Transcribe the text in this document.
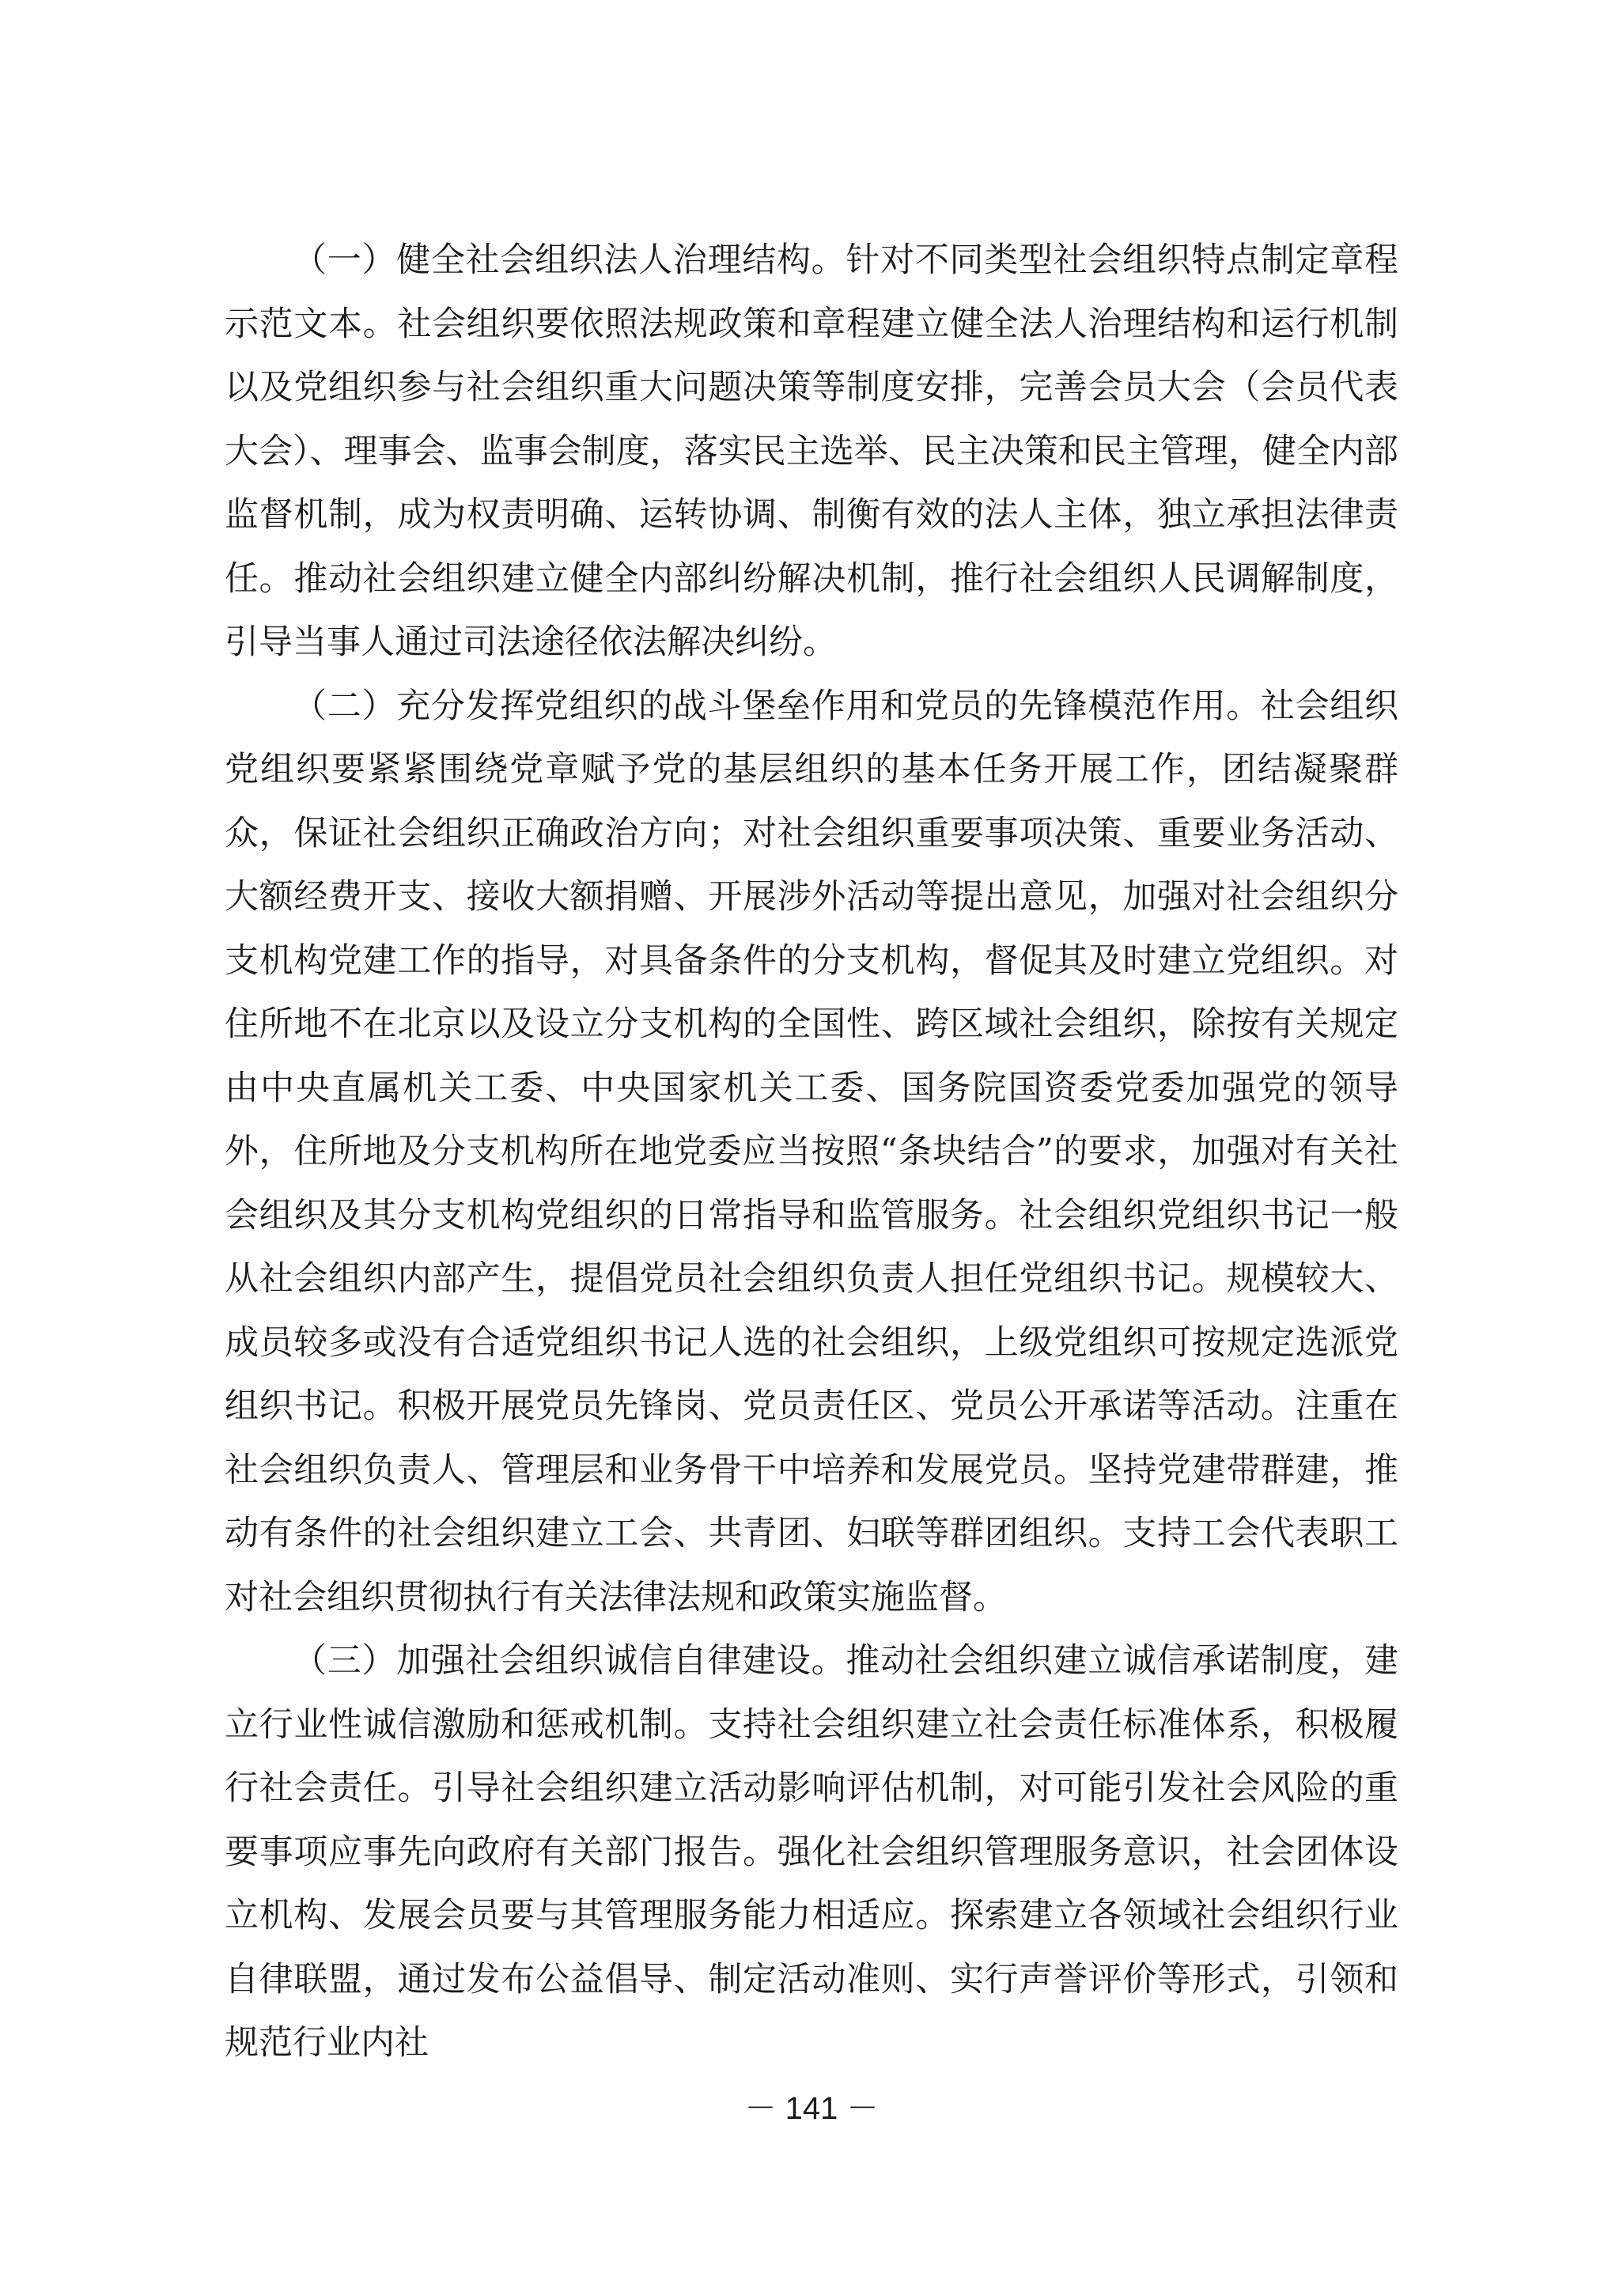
（一）健全社会组织法人治理结构。针对不同类型社会组织特点制定章程示范文本。社会组织要依照法规政策和章程建立健全法人治理结构和运行机制以及党组织参与社会组织重大问题决策等制度安排，完善会员大会（会员代表大会）、理事会、监事会制度，落实民主选举、民主决策和民主管理，健全内部监督机制，成为权责明确、运转协调、制衡有效的法人主体，独立承担法律责任。推动社会组织建立健全内部纠纷解决机制，推行社会组织人民调解制度，引导当事人通过司法途径依法解决纠纷。

（二）充分发挥党组织的战斗堡垒作用和党员的先锋模范作用。社会组织党组织要紧紧围绕党章赋予党的基层组织的基本任务开展工作，团结凝聚群众，保证社会组织正确政治方向；对社会组织重要事项决策、重要业务活动、大额经费开支、接收大额捐赠、开展涉外活动等提出意见，加强对社会组织分支机构党建工作的指导，对具备条件的分支机构，督促其及时建立党组织。对住所地不在北京以及设立分支机构的全国性、跨区域社会组织，除按有关规定由中央直属机关工委、中央国家机关工委、国务院国资委党委加强党的领导外，住所地及分支机构所在地党委应当按照“条块结合”的要求，加强对有关社会组织及其分支机构党组织的日常指导和监管服务。社会组织党组织书记一般从社会组织内部产生，提倡党员社会组织负责人担任党组织书记。规模较大、成员较多或没有合适党组织书记人选的社会组织，上级党组织可按规定选派党组织书记。积极开展党员先锋岗、党员责任区、党员公开承诺等活动。注重在社会组织负责人、管理层和业务骨干中培养和发展党员。坚持党建带群建，推动有条件的社会组织建立工会、共青团、妇联等群团组织。支持工会代表职工对社会组织贯彻执行有关法律法规和政策实施监督。

（三）加强社会组织诚信自律建设。推动社会组织建立诚信承诺制度，建立行业性诚信激励和惩戒机制。支持社会组织建立社会责任标准体系，积极履行社会责任。引导社会组织建立活动影响评估机制，对可能引发社会风险的重要事项应事先向政府有关部门报告。强化社会组织管理服务意识，社会团体设立机构、发展会员要与其管理服务能力相适应。探索建立各领域社会组织行业自律联盟，通过发布公益倡导、制定活动准则、实行声誉评价等形式，引领和规范行业内社

－ 141 －
